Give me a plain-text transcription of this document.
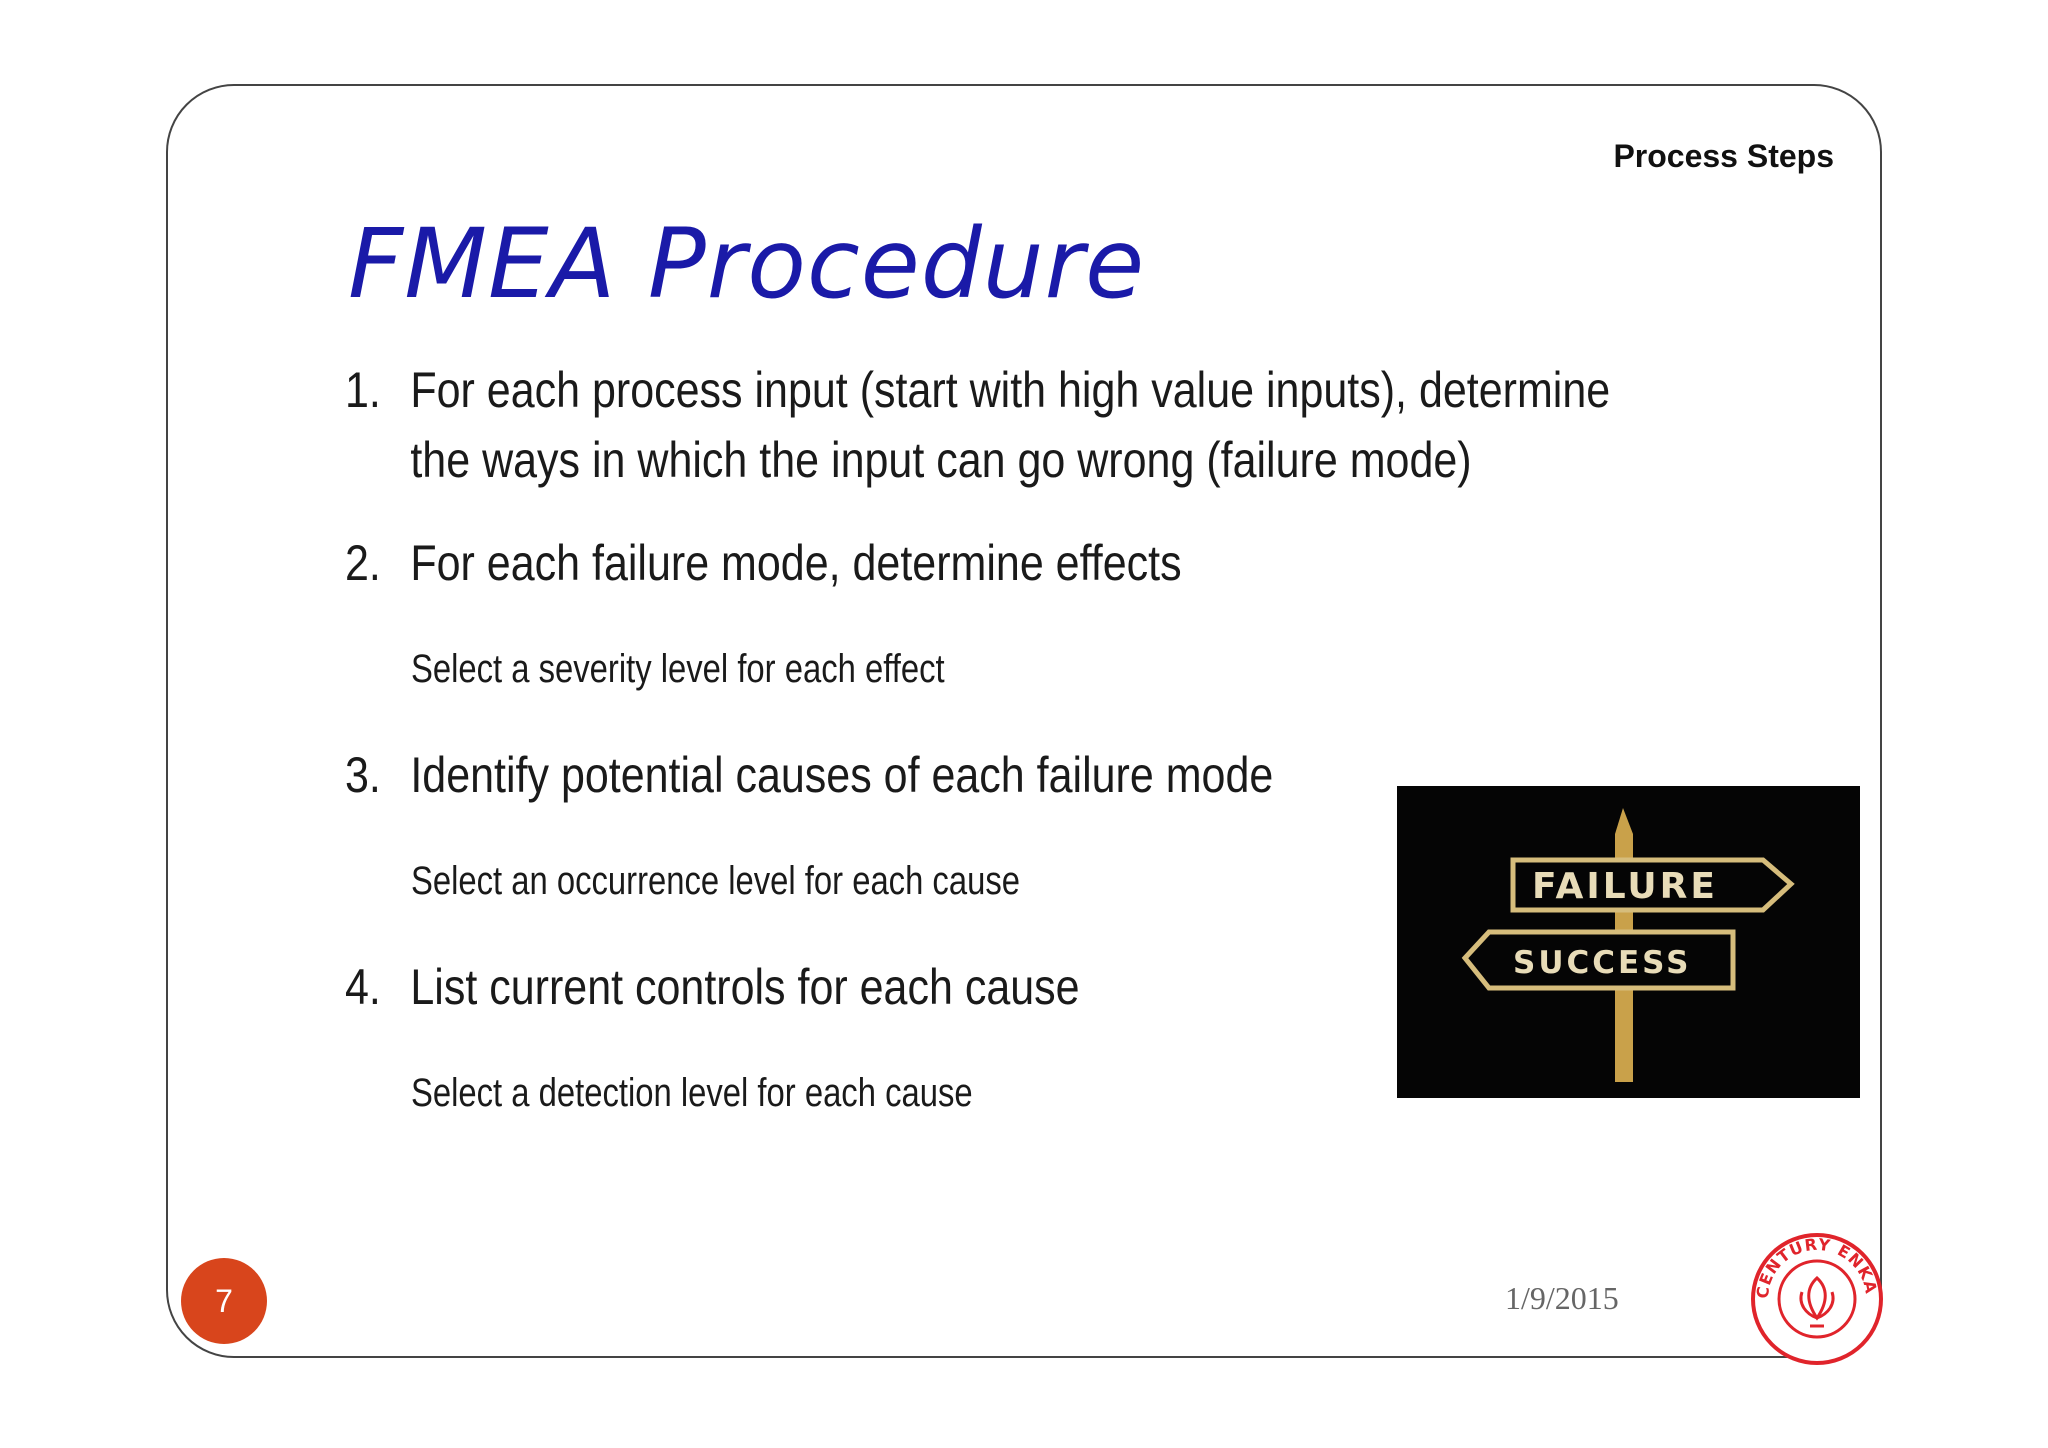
Process Steps
FMEA Procedure
1. For each process input (start with high value inputs), determine
the ways in which the input can go wrong (failure mode)
2. For each failure mode, determine effects
Select a severity level for each effect
3. Identify potential causes of each failure mode
Select an occurrence level for each cause
4. List current controls for each cause
Select a detection level for each cause
FAILURE
SUCCESS
7	1/9/2015	CENTURY ENKA
